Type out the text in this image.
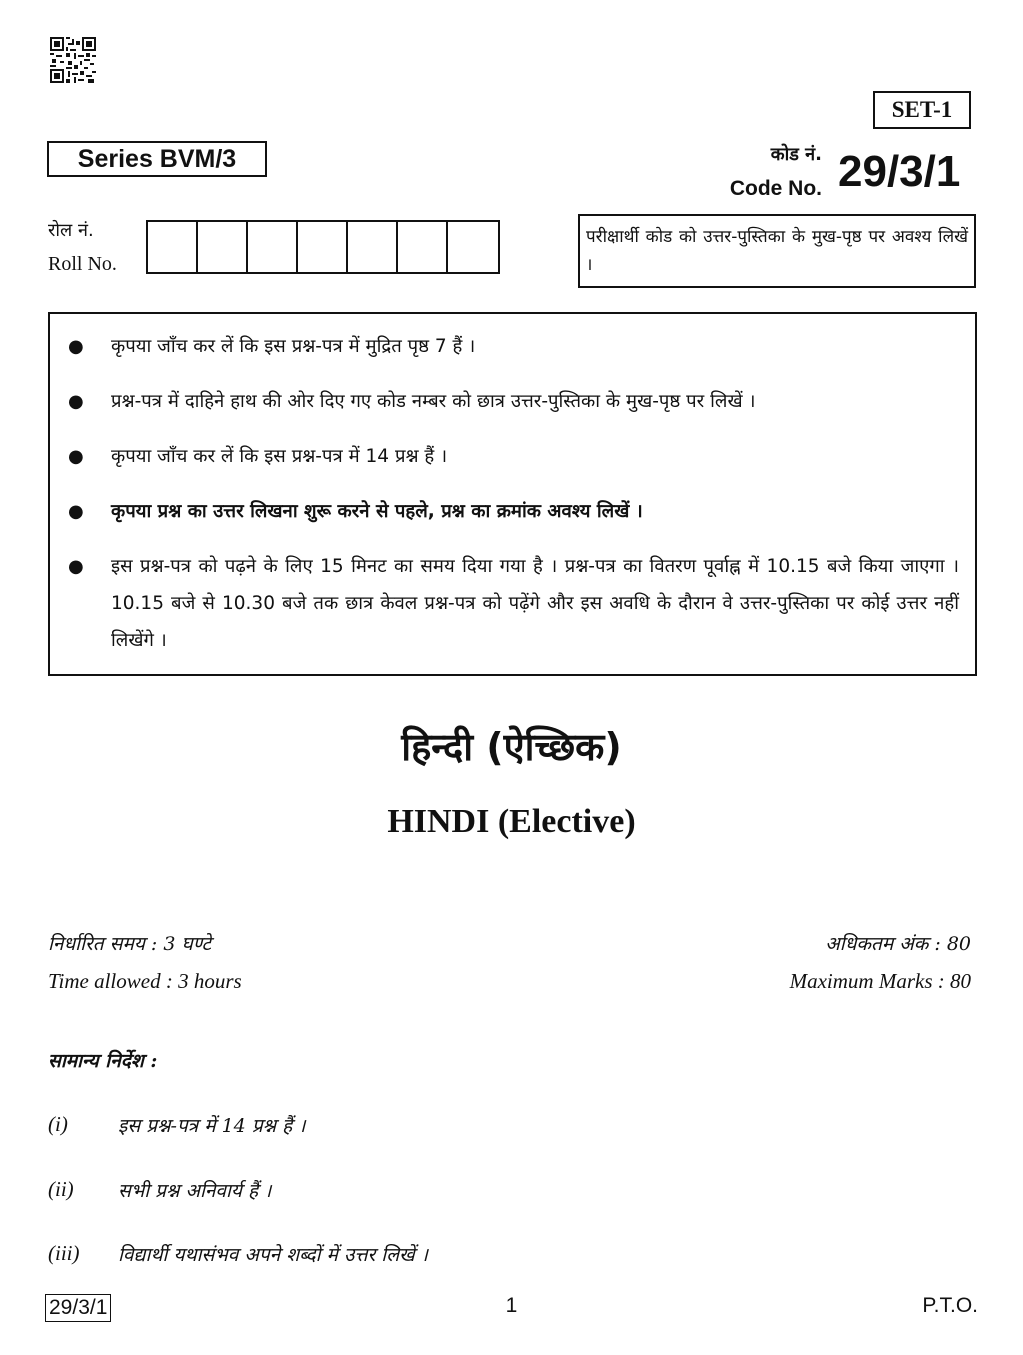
SET-1
Series BVM/3	कोड नं.
Code No. 29/3/1
रोल नं.
Roll No.
परीक्षार्थी कोड को उत्तर-पुस्तिका के मुख-पृष्ठ पर अवश्य लिखें ।
●	कृपया जाँच कर लें कि इस प्रश्न-पत्र में मुद्रित पृष्ठ 7 हैं ।
●	प्रश्न-पत्र में दाहिने हाथ की ओर दिए गए कोड नम्बर को छात्र उत्तर-पुस्तिका के मुख-पृष्ठ पर लिखें ।
●	कृपया जाँच कर लें कि इस प्रश्न-पत्र में 14 प्रश्न हैं ।
●	कृपया प्रश्न का उत्तर लिखना शुरू करने से पहले, प्रश्न का क्रमांक अवश्य लिखें ।
●	इस प्रश्न-पत्र को पढ़ने के लिए 15 मिनट का समय दिया गया है । प्रश्न-पत्र का वितरण पूर्वाह्न में 10.15 बजे किया जाएगा । 10.15 बजे से 10.30 बजे तक छात्र केवल प्रश्न-पत्र को पढ़ेंगे और इस अवधि के दौरान वे उत्तर-पुस्तिका पर कोई उत्तर नहीं लिखेंगे ।
हिन्दी (ऐच्छिक)
HINDI (Elective)
निर्धारित समय : 3 घण्टे
Time allowed : 3 hours
अधिकतम अंक : 80
Maximum Marks : 80
सामान्य निर्देश :
(i)	इस प्रश्न-पत्र में 14 प्रश्न हैं ।
(ii)	सभी प्रश्न अनिवार्य हैं ।
(iii)	विद्यार्थी यथासंभव अपने शब्दों में उत्तर लिखें ।
1
29/3/1	P.T.O.
